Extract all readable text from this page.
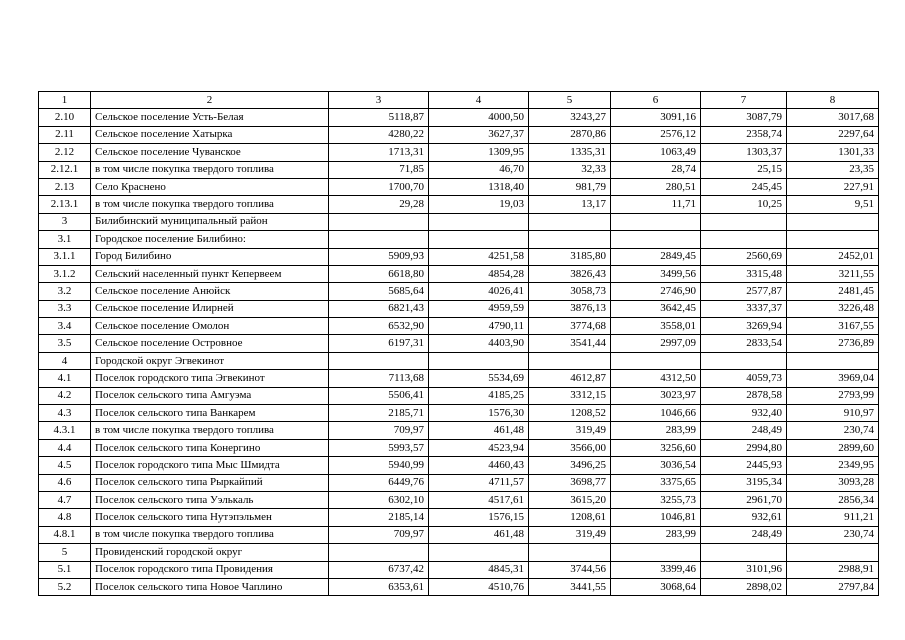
1	2	3	4	5	6	7	8
2.10	Сельское поселение Усть-Белая	5118,87	4000,50	3243,27	3091,16	3087,79	3017,68
2.11	Сельское поселение Хатырка	4280,22	3627,37	2870,86	2576,12	2358,74	2297,64
2.12	Сельское поселение Чуванское	1713,31	1309,95	1335,31	1063,49	1303,37	1301,33
2.12.1	в том числе покупка твердого топлива	71,85	46,70	32,33	28,74	25,15	23,35
2.13	Село Краснено	1700,70	1318,40	981,79	280,51	245,45	227,91
2.13.1	в том числе покупка твердого топлива	29,28	19,03	13,17	11,71	10,25	9,51
3	Билибинский муниципальный район						
3.1	Городское поселение Билибино:						
3.1.1	Город Билибино	5909,93	4251,58	3185,80	2849,45	2560,69	2452,01
3.1.2	Сельский населенный пункт Кепервеем	6618,80	4854,28	3826,43	3499,56	3315,48	3211,55
3.2	Сельское поселение Анюйск	5685,64	4026,41	3058,73	2746,90	2577,87	2481,45
3.3	Сельское поселение Илирней	6821,43	4959,59	3876,13	3642,45	3337,37	3226,48
3.4	Сельское поселение Омолон	6532,90	4790,11	3774,68	3558,01	3269,94	3167,55
3.5	Сельское поселение Островное	6197,31	4403,90	3541,44	2997,09	2833,54	2736,89
4	Городской округ Эгвекинот						
4.1	Поселок городского типа Эгвекинот	7113,68	5534,69	4612,87	4312,50	4059,73	3969,04
4.2	Поселок сельского типа Амгуэма	5506,41	4185,25	3312,15	3023,97	2878,58	2793,99
4.3	Поселок сельского типа Ванкарем	2185,71	1576,30	1208,52	1046,66	932,40	910,97
4.3.1	в том числе покупка твердого топлива	709,97	461,48	319,49	283,99	248,49	230,74
4.4	Поселок сельского типа Конергино	5993,57	4523,94	3566,00	3256,60	2994,80	2899,60
4.5	Поселок городского типа Мыс Шмидта	5940,99	4460,43	3496,25	3036,54	2445,93	2349,95
4.6	Поселок сельского типа Рыркайпий	6449,76	4711,57	3698,77	3375,65	3195,34	3093,28
4.7	Поселок сельского типа Уэлькаль	6302,10	4517,61	3615,20	3255,73	2961,70	2856,34
4.8	Поселок сельского типа Нутэпэльмен	2185,14	1576,15	1208,61	1046,81	932,61	911,21
4.8.1	в том числе покупка твердого топлива	709,97	461,48	319,49	283,99	248,49	230,74
5	Провиденский городской округ						
5.1	Поселок городского типа Провидения	6737,42	4845,31	3744,56	3399,46	3101,96	2988,91
5.2	Поселок сельского типа Новое Чаплино	6353,61	4510,76	3441,55	3068,64	2898,02	2797,84
